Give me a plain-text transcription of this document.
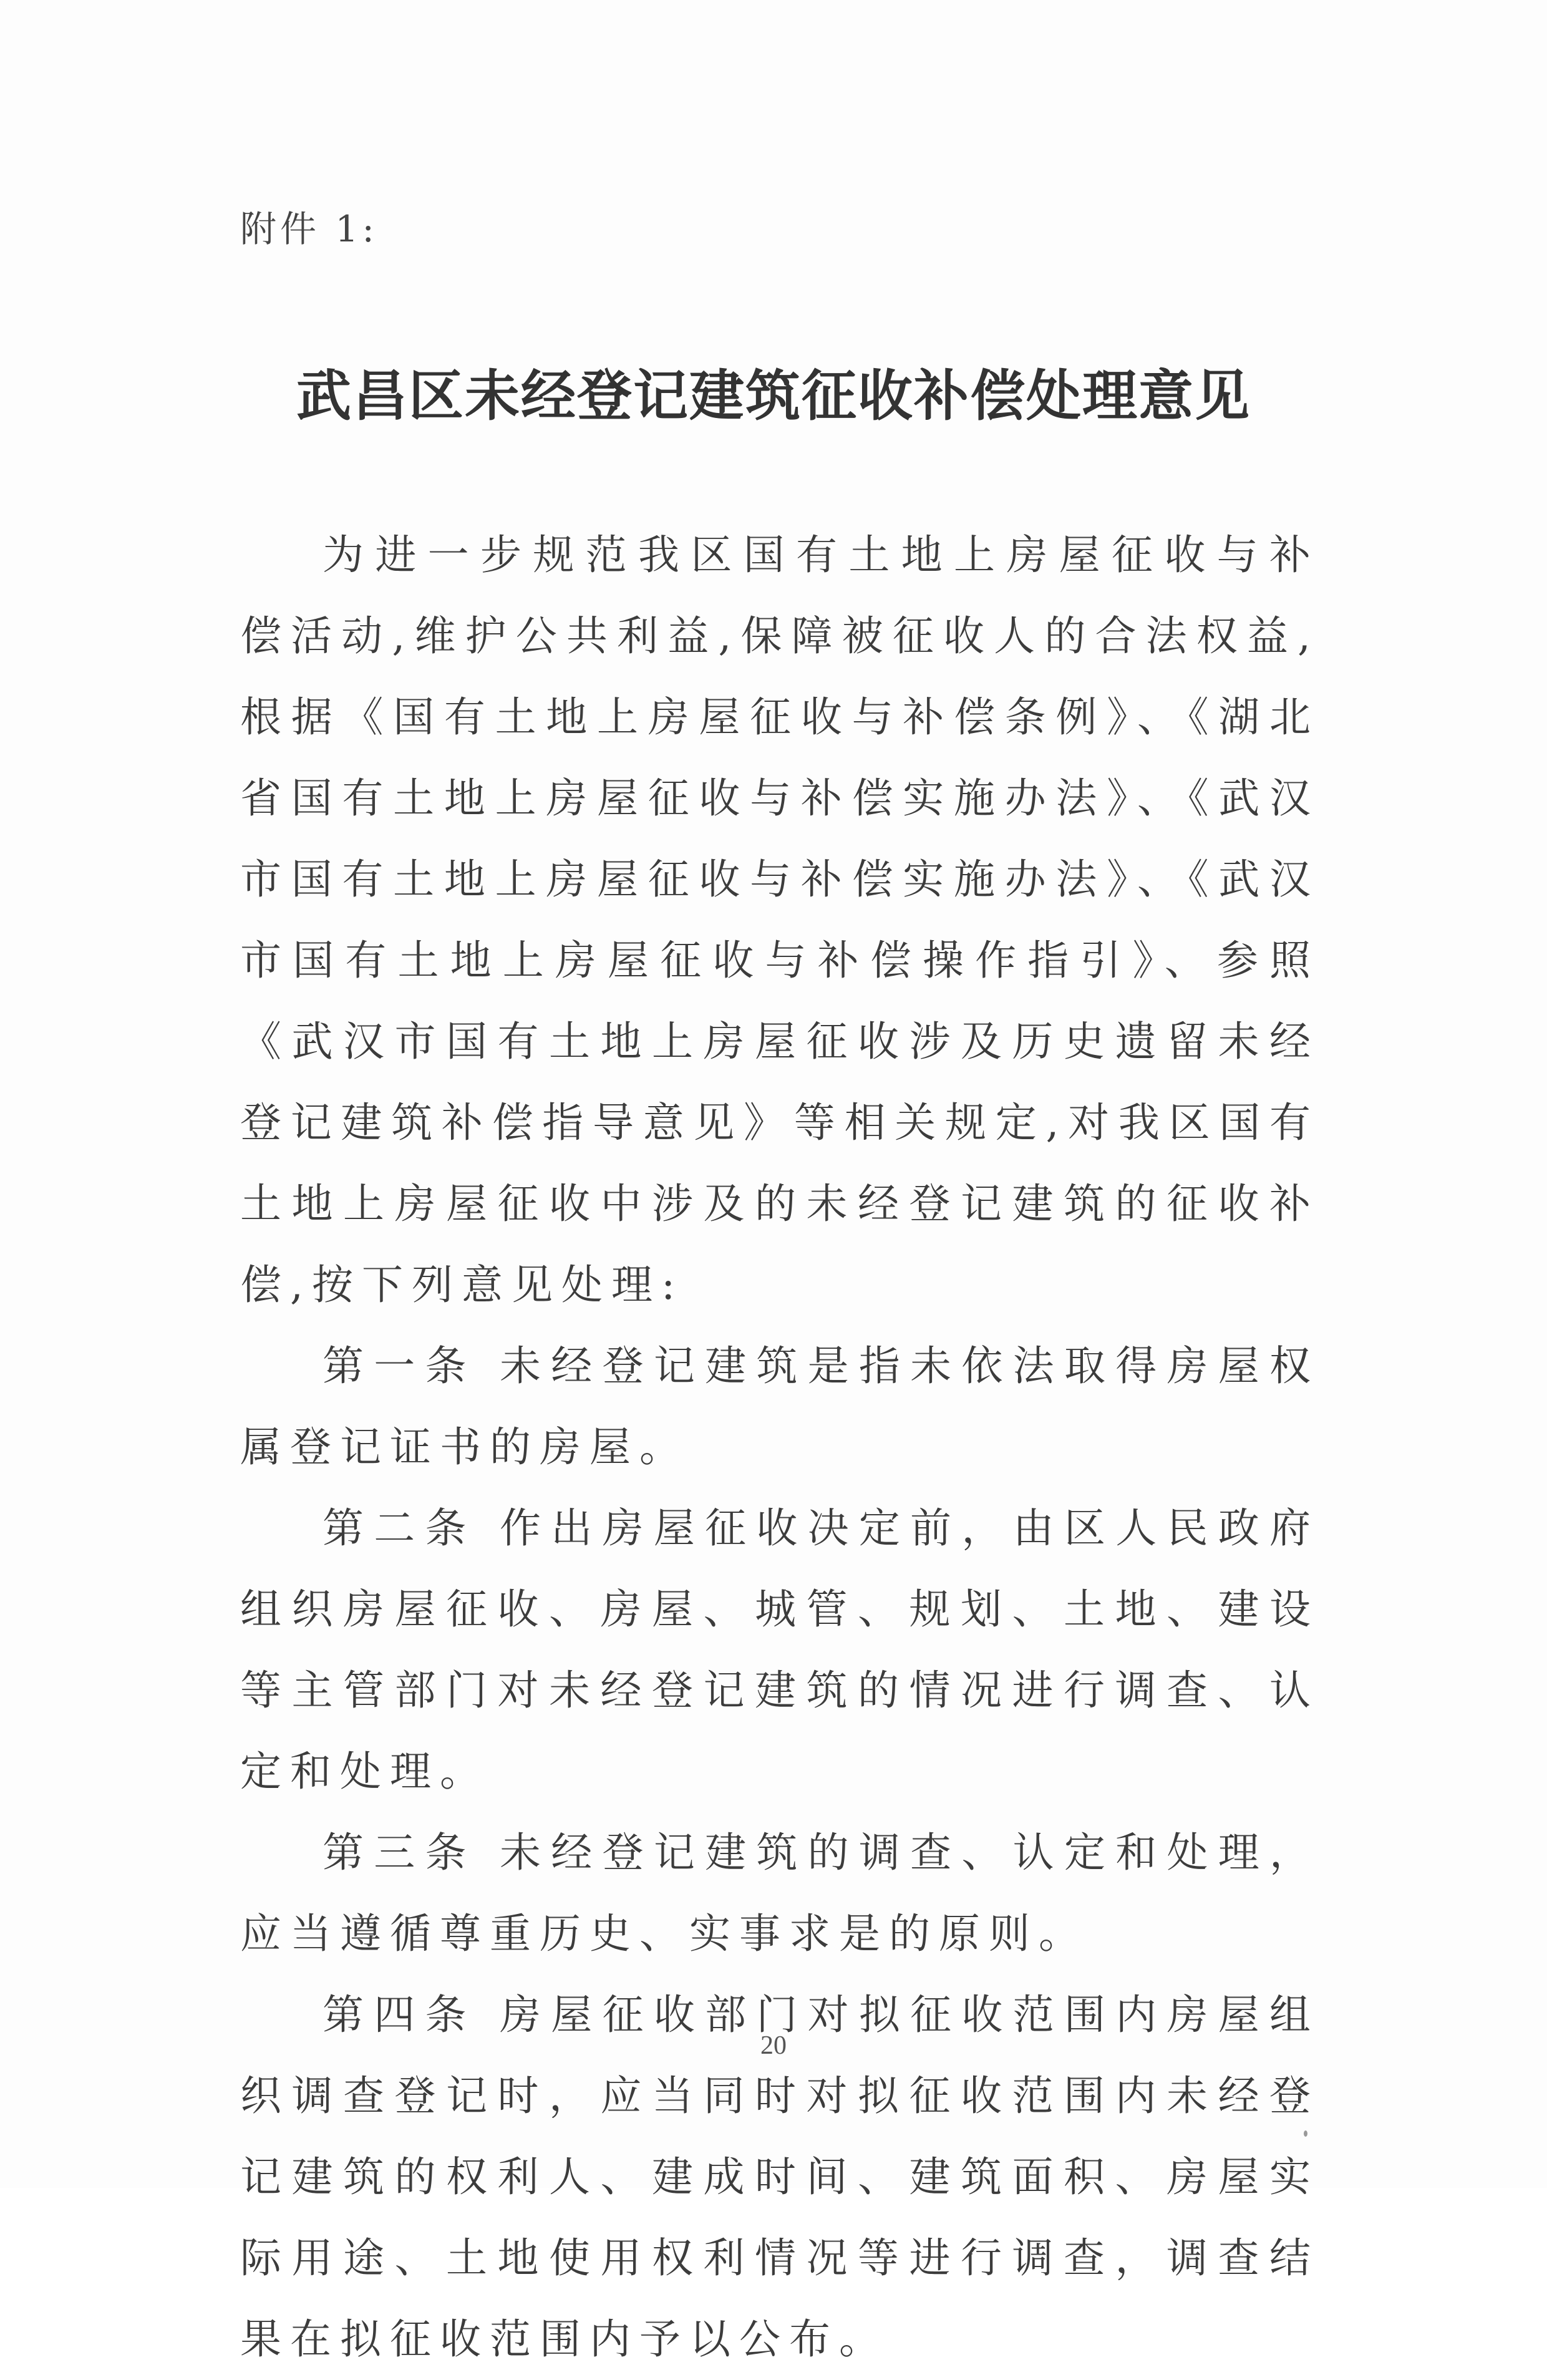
附件 1:
武昌区未经登记建筑征收补偿处理意见

为进一步规范我区国有土地上房屋征收与补偿活动,维护公共利益,保障被征收人的合法权益,根据《国有土地上房屋征收与补偿条例》、《湖北省国有土地上房屋征收与补偿实施办法》、《武汉市国有土地上房屋征收与补偿实施办法》、《武汉市国有土地上房屋征收与补偿操作指引》、参照《武汉市国有土地上房屋征收涉及历史遗留未经登记建筑补偿指导意见》等相关规定,对我区国有土地上房屋征收中涉及的未经登记建筑的征收补偿,按下列意见处理:

第一条 未经登记建筑是指未依法取得房屋权属登记证书的房屋。

第二条 作出房屋征收决定前，由区人民政府组织房屋征收、房屋、城管、规划、土地、建设等主管部门对未经登记建筑的情况进行调查、认定和处理。

第三条 未经登记建筑的调查、认定和处理，应当遵循尊重历史、实事求是的原则。

第四条 房屋征收部门对拟征收范围内房屋组织调查登记时，应当同时对拟征收范围内未经登记建筑的权利人、建成时间、建筑面积、房屋实际用途、土地使用权利情况等进行调查，调查结果在拟征收范围内予以公布。

20
